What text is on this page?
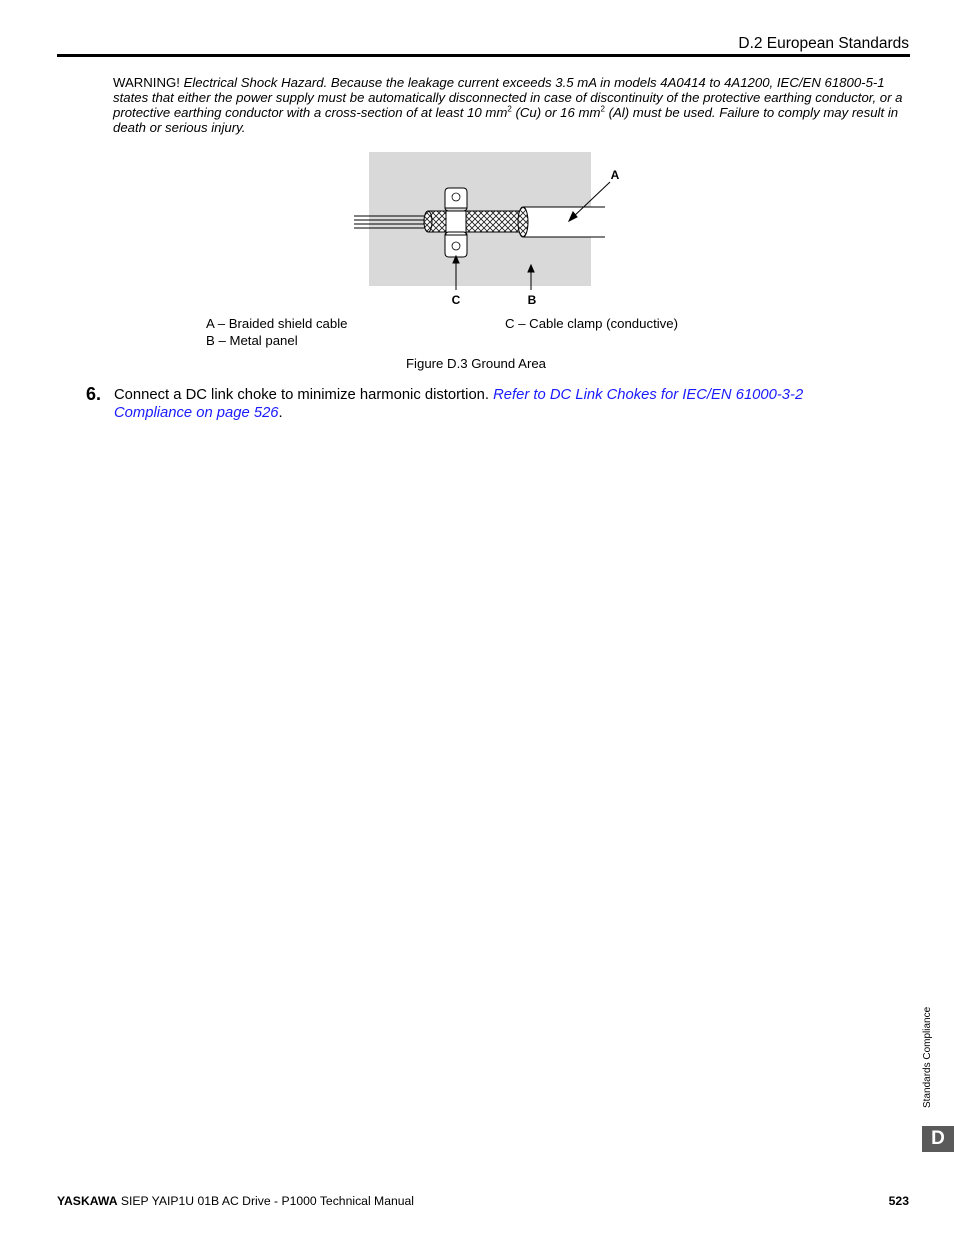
D.2 European Standards
WARNING! Electrical Shock Hazard. Because the leakage current exceeds 3.5 mA in models 4A0414 to 4A1200, IEC/EN 61800-5-1 states that either the power supply must be automatically disconnected in case of discontinuity of the protective earthing conductor, or a protective earthing conductor with a cross-section of at least 10 $mm^2$ (Cu) or 16 $mm^2$ (Al) must be used. Failure to comply may result in death or serious injury.
A
C	B
A – Braided shield cable
B – Metal panel
C – Cable clamp (conductive)
Figure D.3 Ground Area
6. Connect a DC link choke to minimize harmonic distortion. Refer to DC Link Chokes for IEC/EN 61000-3-2 Compliance on page 526.
Standards Compliance
D
YASKAWA SIEP YAIP1U 01B AC Drive - P1000 Technical Manual	523
